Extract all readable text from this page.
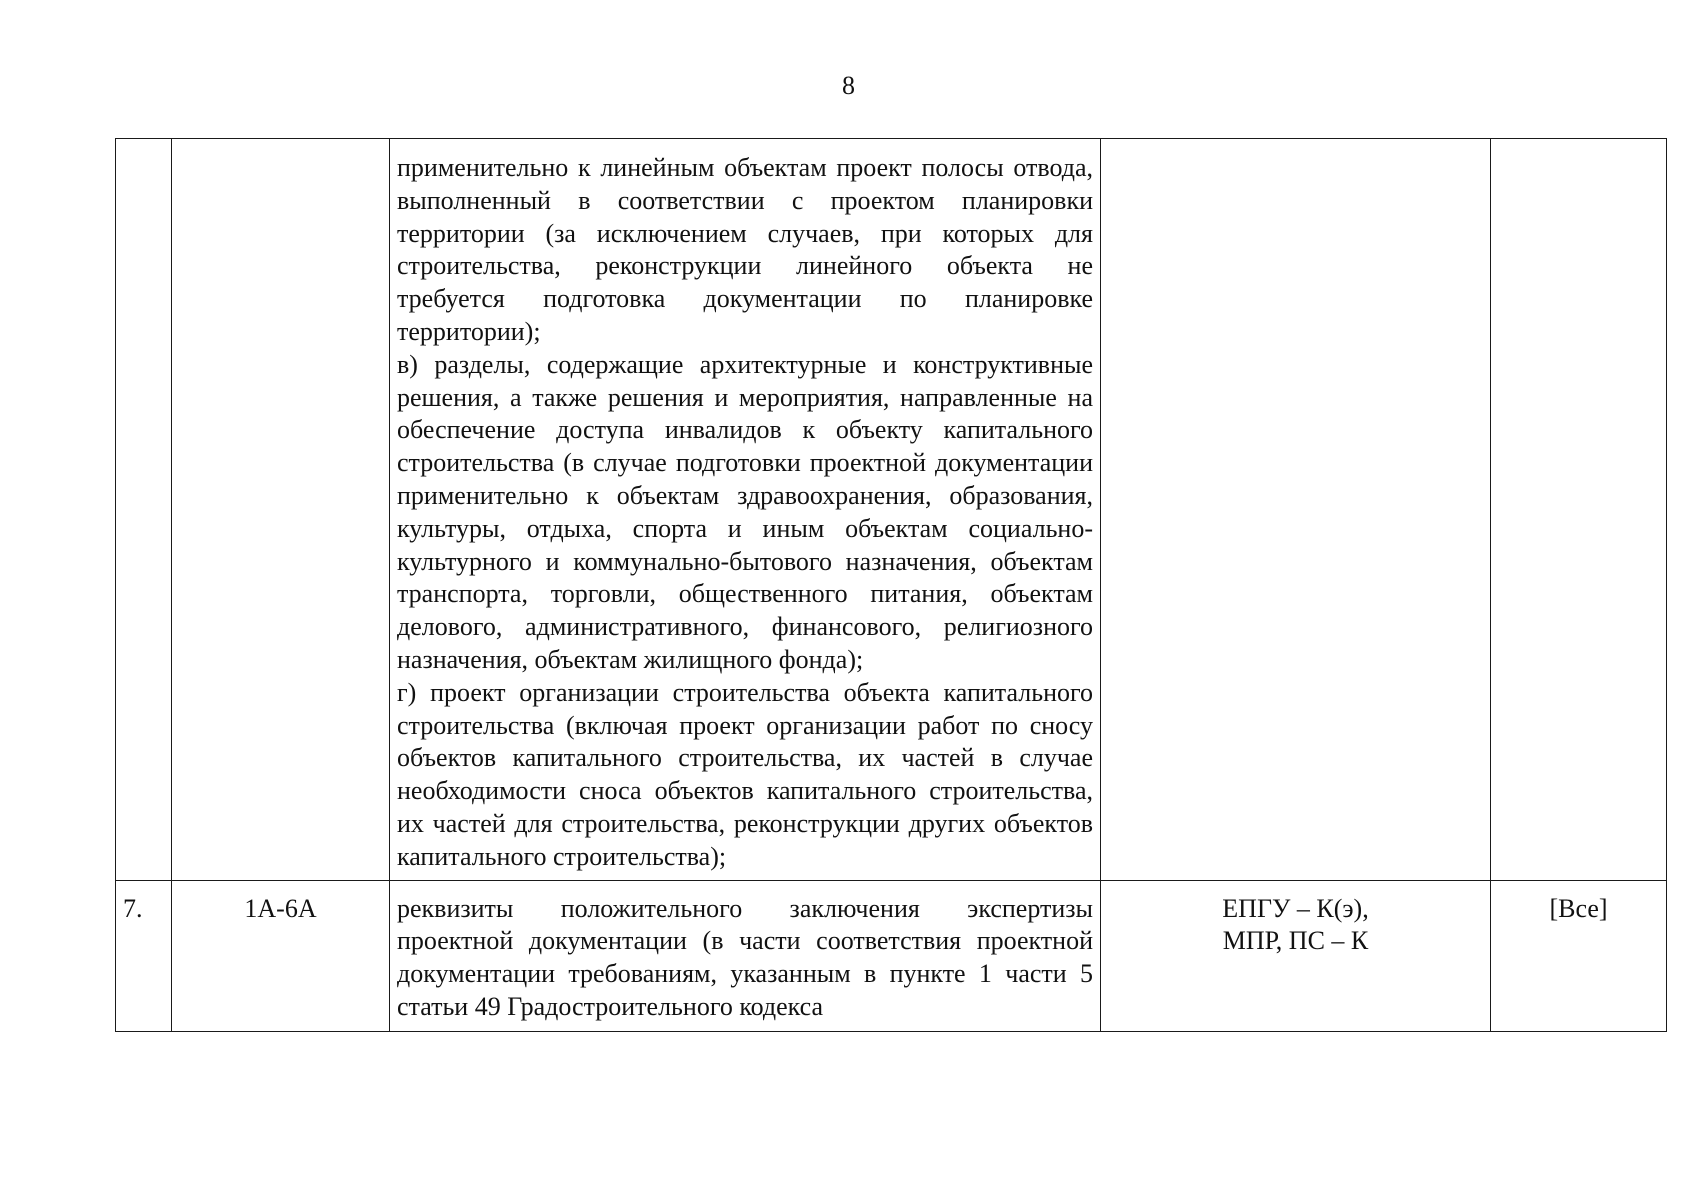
8

		применительно к линейным объектам проект полосы отвода, выполненный в соответствии с проектом планировки территории (за исключением случаев, при которых для строительства, реконструкции линейного объекта не требуется подготовка документации по планировке территории);

в) разделы, содержащие архитектурные и конструктивные решения, а также решения и мероприятия, направленные на обеспечение доступа инвалидов к объекту капитального строительства (в случае подготовки проектной документации применительно к объектам здравоохранения, образования, культуры, отдыха, спорта и иным объектам социально-культурного и коммунально-бытового назначения, объектам транспорта, торговли, общественного питания, объектам делового, административного, финансового, религиозного назначения, объектам жилищного фонда);

г) проект организации строительства объекта капитального строительства (включая проект организации работ по сносу объектов капитального строительства, их частей в случае необходимости сноса объектов капитального строительства, их частей для строительства, реконструкции других объектов капитального строительства);		

7.	1А-6А	реквизиты положительного заключения экспертизы проектной документации (в части соответствия проектной документации требованиям, указанным в пункте 1 части 5 статьи 49 Градостроительного кодекса	ЕПГУ – К(э),
МПР, ПС – К	[Все]
